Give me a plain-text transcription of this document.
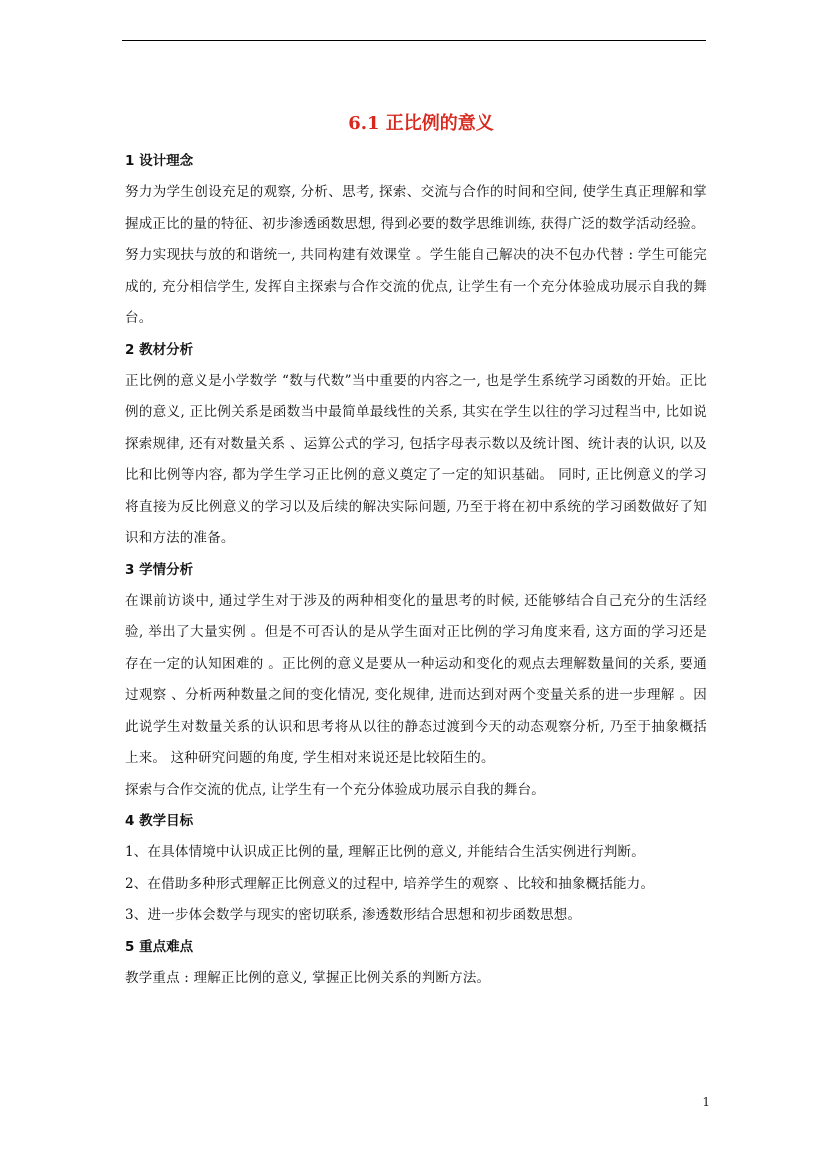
6.1 正比例的意义
1 设计理念

努力为学生创设充足的观察, 分析、思考, 探索、交流与合作的时间和空间, 使学生真正理解和掌握成正比的量的特征、初步渗透函数思想, 得到必要的数学思维训练, 获得广泛的数学活动经验。

努力实现扶与放的和谐统一, 共同构建有效课堂 。学生能自己解决的决不包办代替 : 学生可能完成的, 充分相信学生, 发挥自主探索与合作交流的优点, 让学生有一个充分体验成功展示自我的舞台。

2 教材分析

正比例的意义是小学数学 “数与代数”当中重要的内容之一, 也是学生系统学习函数的开始。正比例的意义, 正比例关系是函数当中最简单最线性的关系, 其实在学生以往的学习过程当中, 比如说探索规律, 还有对数量关系 、运算公式的学习, 包括字母表示数以及统计图、统计表的认识, 以及比和比例等内容, 都为学生学习正比例的意义奠定了一定的知识基础。 同时, 正比例意义的学习将直接为反比例意义的学习以及后续的解决实际问题, 乃至于将在初中系统的学习函数做好了知识和方法的准备。

3 学情分析

在课前访谈中, 通过学生对于涉及的两种相变化的量思考的时候, 还能够结合自己充分的生活经验, 举出了大量实例 。但是不可否认的是从学生面对正比例的学习角度来看, 这方面的学习还是存在一定的认知困难的 。正比例的意义是要从一种运动和变化的观点去理解数量间的关系, 要通过观察 、分析两种数量之间的变化情况, 变化规律, 进而达到对两个变量关系的进一步理解 。因此说学生对数量关系的认识和思考将从以往的静态过渡到今天的动态观察分析, 乃至于抽象概括上来。 这种研究问题的角度, 学生相对来说还是比较陌生的。

探索与合作交流的优点, 让学生有一个充分体验成功展示自我的舞台。

4 教学目标

1、在具体情境中认识成正比例的量, 理解正比例的意义, 并能结合生活实例进行判断。

2、在借助多种形式理解正比例意义的过程中, 培养学生的观察 、比较和抽象概括能力。

3、进一步体会数学与现实的密切联系, 渗透数形结合思想和初步函数思想。

5 重点难点

教学重点 : 理解正比例的意义, 掌握正比例关系的判断方法。

1
